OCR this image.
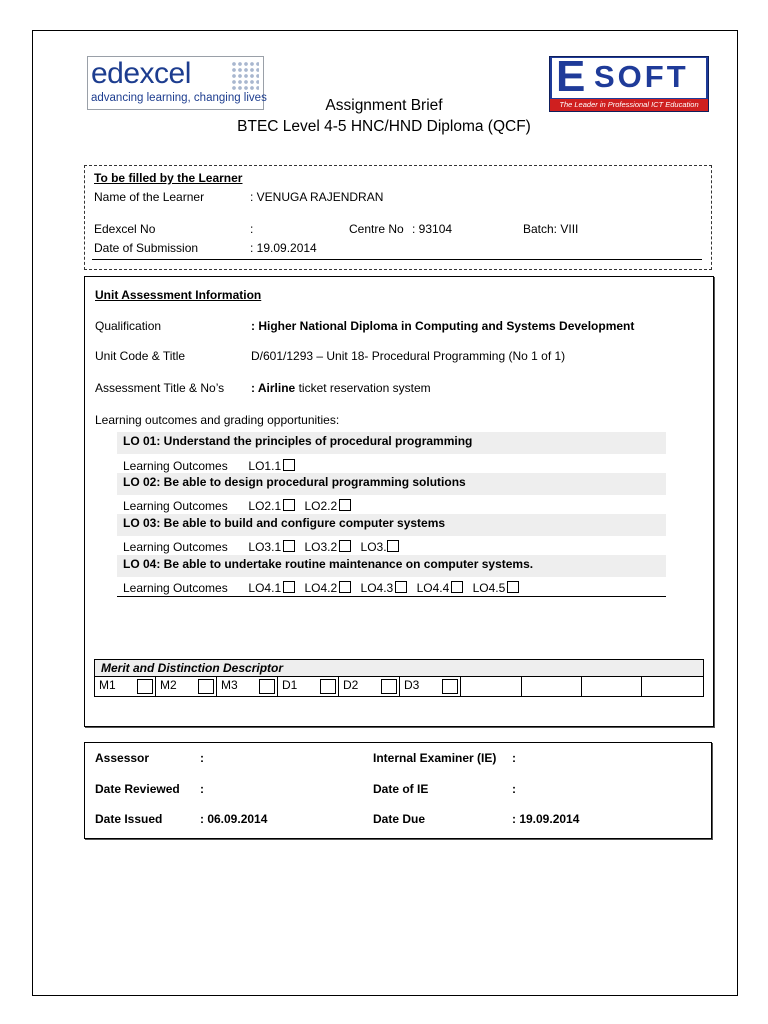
edexcel
advancing learning, changing lives	E SOFT
The Leader in Professional ICT Education
Assignment Brief
BTEC Level 4-5 HNC/HND Diploma (QCF)
To be filled by the Learner
Name of the Learner	: VENUGA RAJENDRAN
Edexcel No	:	Centre No : 93104	Batch: VIII
Date of Submission	: 19.09.2014
Unit Assessment Information
Qualification	: Higher National Diploma in Computing and Systems Development
Unit Code & Title	D/601/1293 – Unit 18- Procedural Programming (No 1 of 1)
Assessment Title & No’s : Airline ticket reservation system
Learning outcomes and grading opportunities:
LO 01: Understand the principles of procedural programming
Learning Outcomes LO1.1
LO 02: Be able to design procedural programming solutions
Learning Outcomes LO2.1 LO2.2
LO 03: Be able to build and configure computer systems
Learning Outcomes LO3.1 LO3.2 LO3.
LO 04: Be able to undertake routine maintenance on computer systems.
Learning Outcomes LO4.1 LO4.2 LO4.3 LO4.4 LO4.5
Merit and Distinction Descriptor
M1	M2	M3	D1	D2	D3
Assessor	:	Internal Examiner (IE) :
Date Reviewed :	Date of IE	:
Date Issued	: 06.09.2014	Date Due	: 19.09.2014
